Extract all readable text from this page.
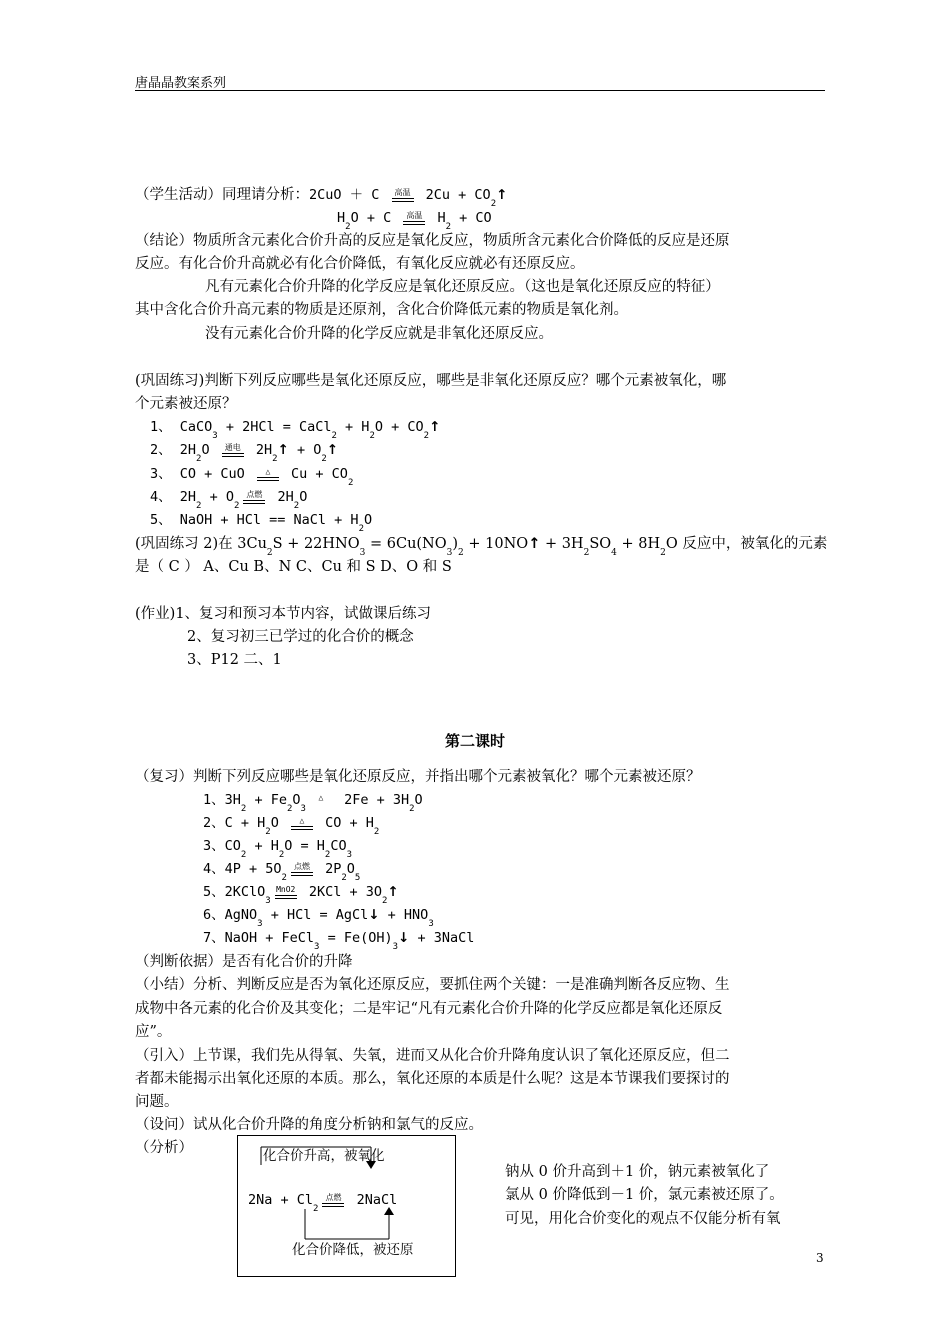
唐晶晶教案系列
（学生活动）同理请分析：2CuO ＋ C 高温 $2Cu + CO_2↑$
$H_2O + C$ 高温 $H_2$ + CO
（结论）物质所含元素化合价升高的反应是氧化反应，物质所含元素化合价降低的反应是还原
反应。有化合价升高就必有化合价降低，有氧化反应就必有还原反应。
凡有元素化合价升降的化学反应是氧化还原反应。（这也是氧化还原反应的特征）
其中含化合价升高元素的物质是还原剂，含化合价降低元素的物质是氧化剂。
没有元素化合价升降的化学反应就是非氧化还原反应。
(巩固练习)判断下列反应哪些是氧化还原反应，哪些是非氧化还原反应？哪个元素被氧化，哪
个元素被还原？
1、 CaCO$_3$ + 2HCl = CaCl$_2$ + $H_2O$ + $CO_2↑$
2、 $2H_2O$ 通电 $2H_2↑$ + $O_2↑$
3、 CO + CuO	△ $Cu + CO_2$
4、 $2H_2 + O_2$
点燃 $2H_2O$
5、 NaOH + HCl == NaCl + $H_2O$
(巩固练习 2)在 $3Cu_2S + 22HNO_3 = 6Cu(NO_3)_2$ + 10NO↑ + $3H_2SO_4 + 8H_2O$ 反应中，被氧化的元素
是（ C ） A、Cu B、N C、Cu 和 S D、O 和 S
(作业)1、复习和预习本节内容，试做课后练习
2、复习初三已学过的化合价的概念
3、P12 二、1
第二课时
（复习）判断下列反应哪些是氧化还原反应，并指出哪个元素被氧化？哪个元素被还原？
1、$3H_2 + Fe_2O_3$
△ $2Fe + 3H_2O$
2、$C + H_2O$	△ CO + $H_2$
3、$CO_2 + H_2O = H_2CO_3$
4、$4P + 5O_2$
点燃 $2P_2O_5$
5、2KClO$_3$
MnO2 $2KCl + 3O_2↑$
6、AgNO$_3$ + HCl = AgCl↓ + $HNO_3$
7、NaOH + FeCl$_3$ = $Fe(OH)_3↓$ + 3NaCl
（判断依据）是否有化合价的升降
（小结）分析、判断反应是否为氧化还原反应，要抓住两个关键：一是准确判断各反应物、生
成物中各元素的化合价及其变化；二是牢记“凡有元素化合价升降的化学反应都是氧化还原反
应”。
（引入）上节课，我们先从得氧、失氧，进而又从化合价升降角度认识了氧化还原反应，但二
者都未能揭示出氧化还原的本质。那么，氧化还原的本质是什么呢？这是本节课我们要探讨的
问题。
（设问）试从化合价升降的角度分析钠和氯气的反应。
（分析）	化合价升高，被氧化
$2Na + Cl_2$
点燃 2NaCl
化合价降低，被还原
钠从 0 价升高到＋1 价，钠元素被氧化了
氯从 0 价降低到－1 价，氯元素被还原了。
可见，用化合价变化的观点不仅能分析有氧
3
